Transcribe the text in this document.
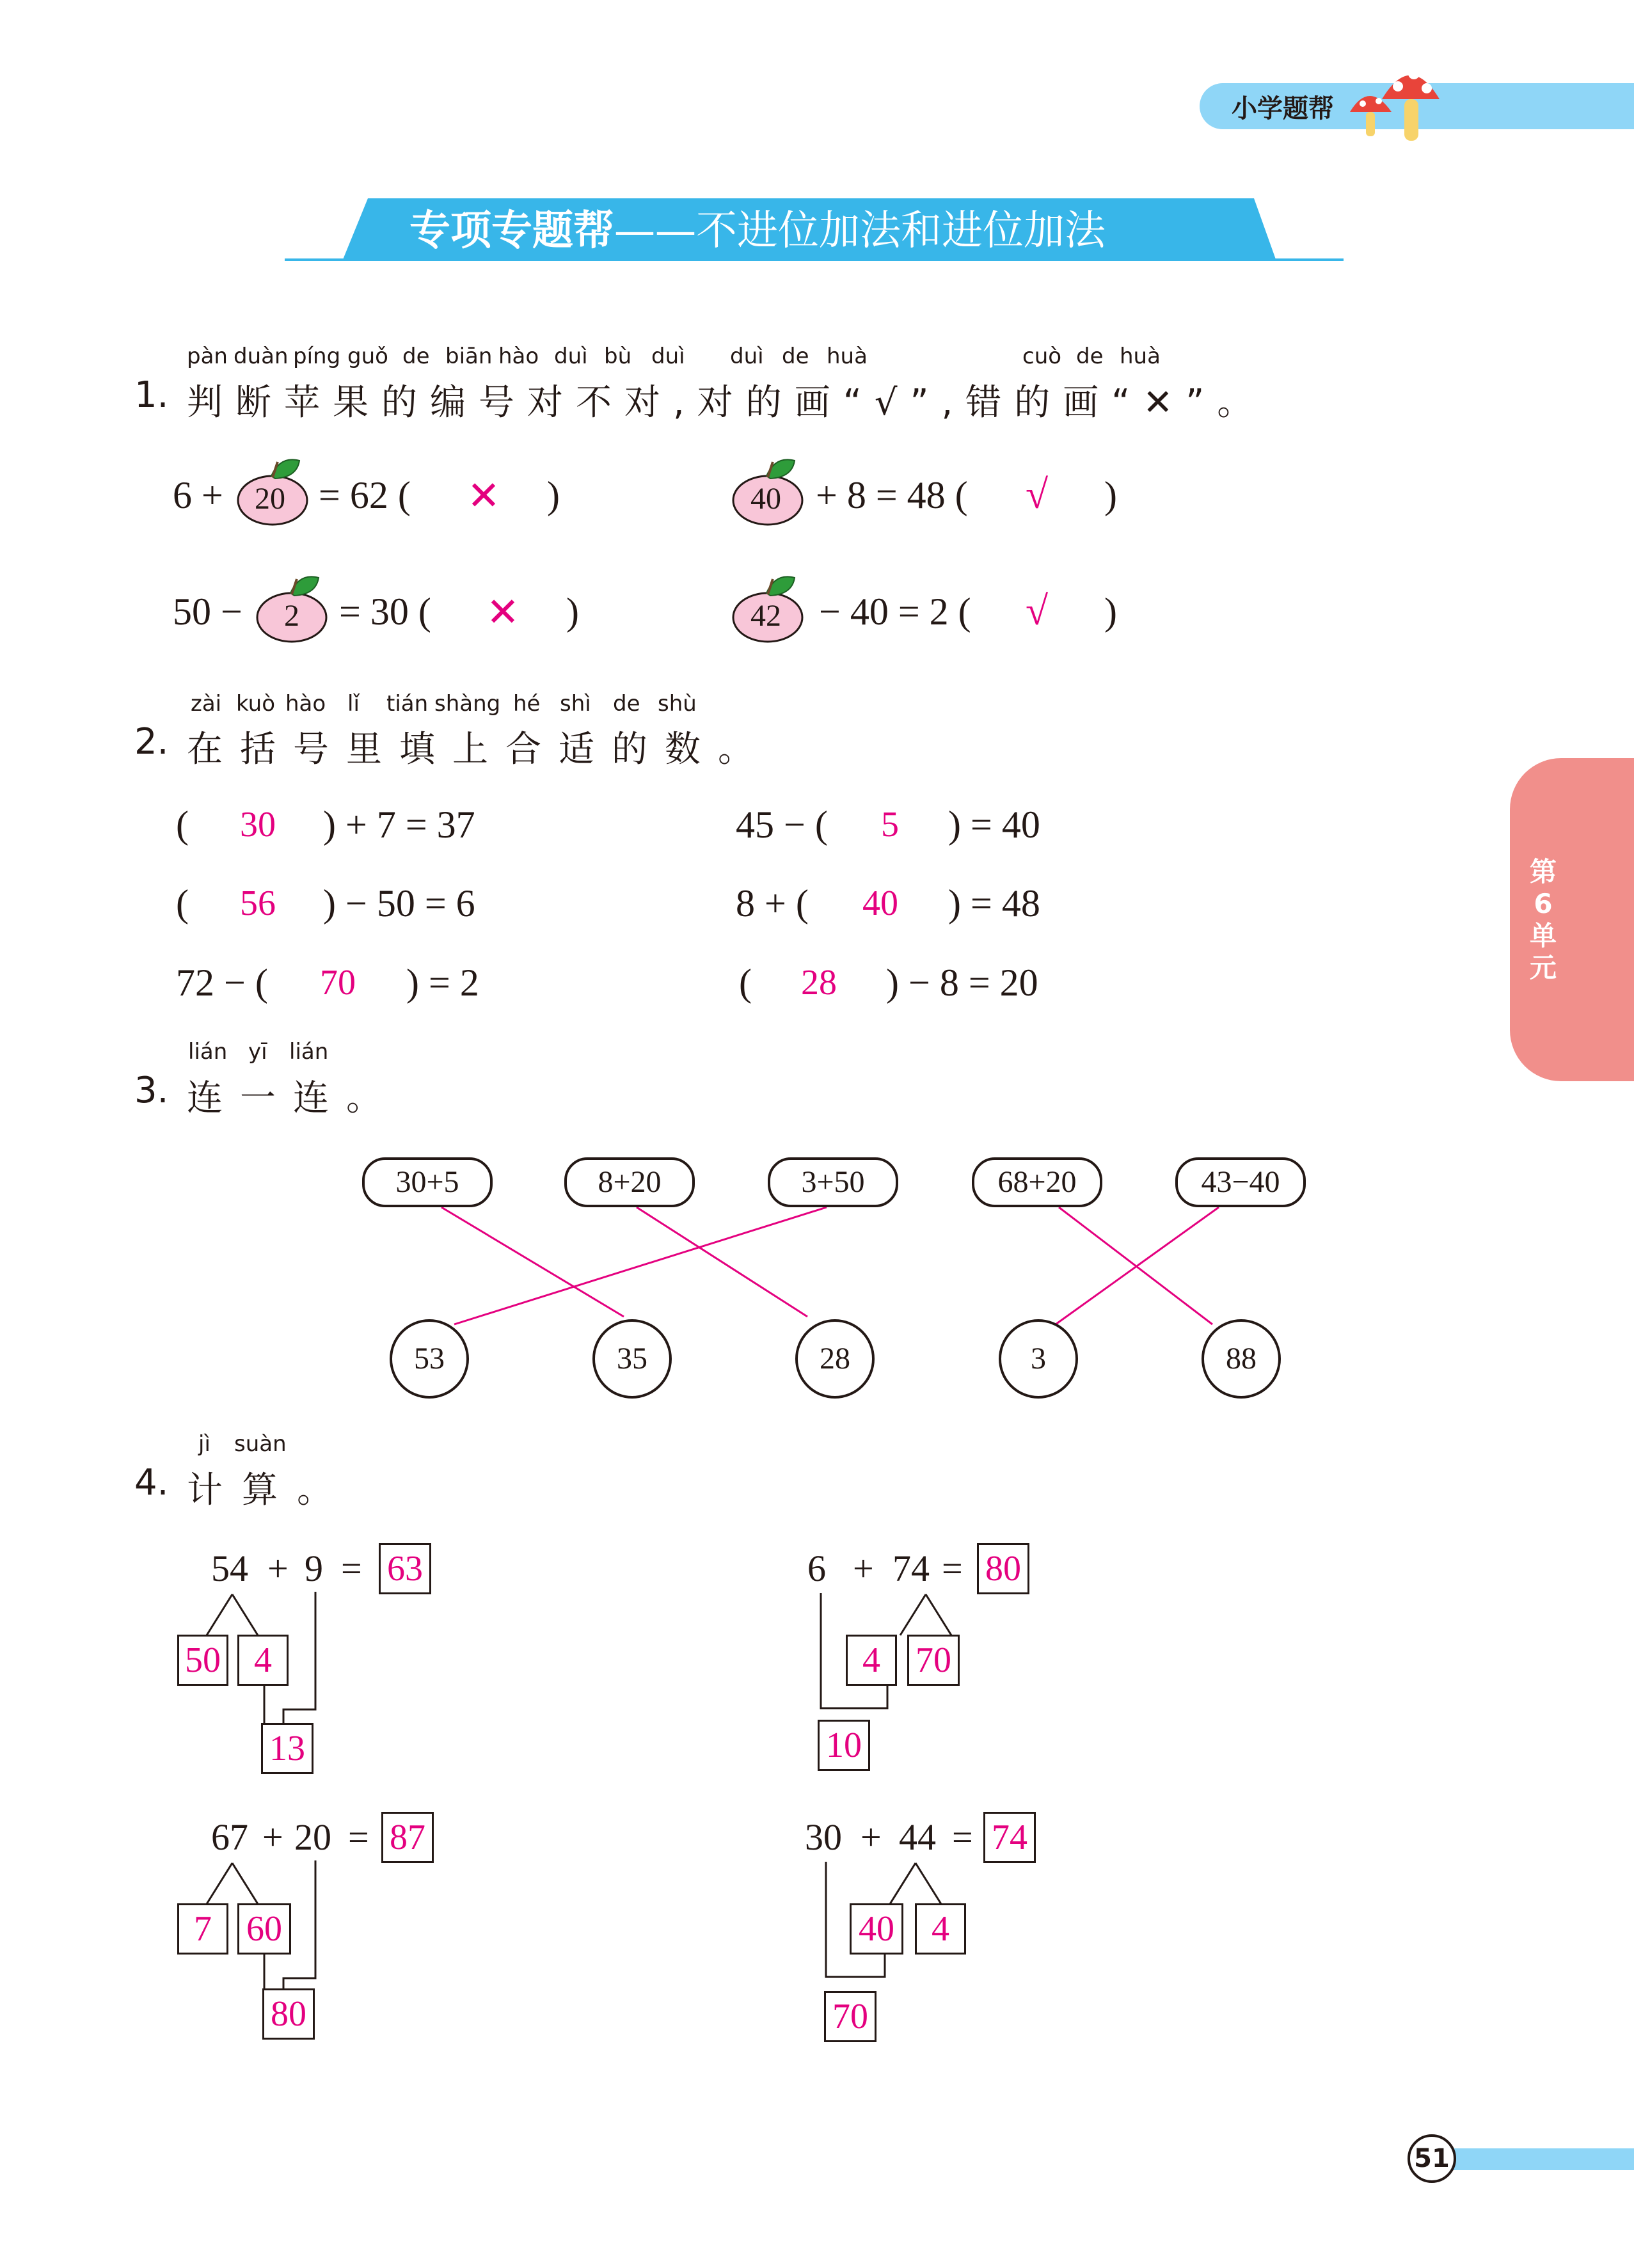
小学题帮
专项专题帮——不进位加法和进位加法
第
6
单
元
pàn duàn píng guǒ de biān hào duì bù duì duì de huà	cuò de huà
1. 判断苹果的编号对不对,对的画“√”,错的画“✕”。
6 +	20 = 62 ( ✕ )	40 + 8 = 48 ( √ )
50 −	2	= 30 ( ✕ )	42 − 40 = 2 ( √ )
zài kuò hào lǐ tián shàng hé shì de shù
2. 在括号里填上合适的数。
( 30 ) + 7 = 37	45 − ( 5 ) = 40
( 56 ) − 50 = 6	8 + ( 40 ) = 48
72 − ( 70 ) = 2	( 28 ) − 8 = 20
lián yī lián
3. 连一连。
30+5	8+20	3+50	68+20	43−40
53	35	28	3	88
jì suàn
4. 计算。
54 + 9 = 63
50 4
13
6 + 74 = 80
4 70
10
67 + 20 = 87
7 60
80
30 + 44 = 74
40	4
70
51
